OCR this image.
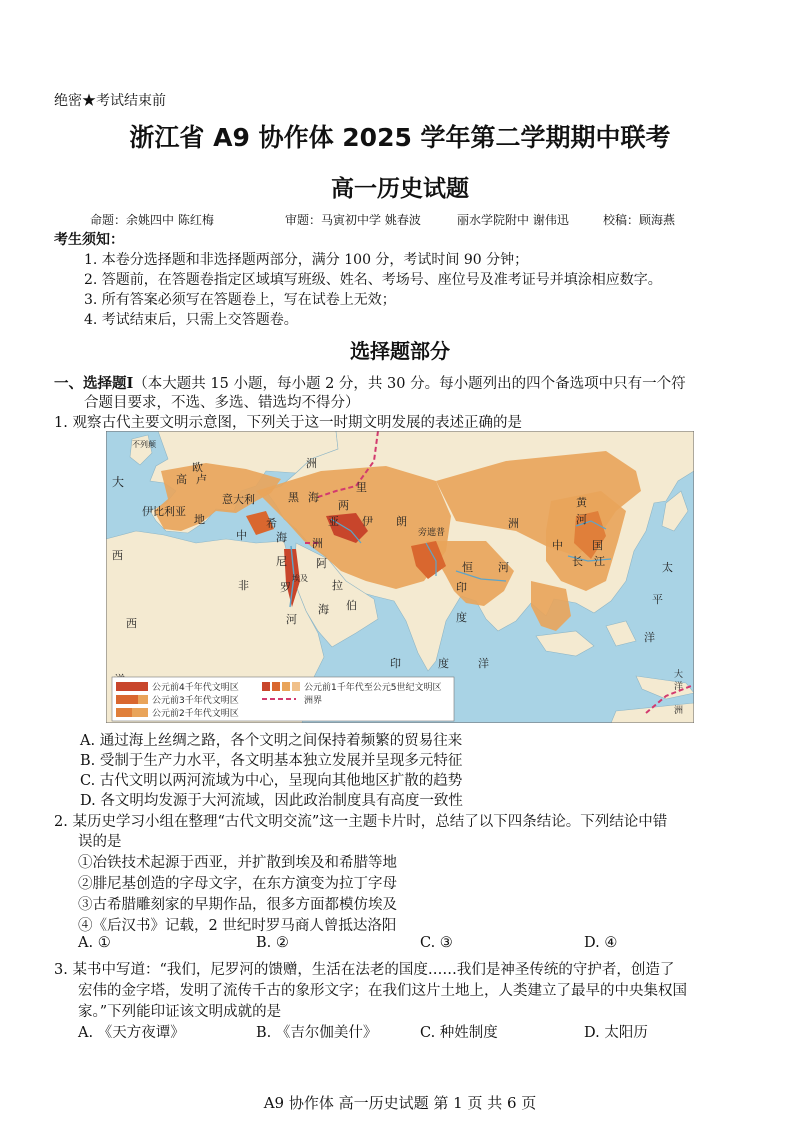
绝密★考试结束前
浙江省 A9 协作体 2025 学年第二学期期中联考
高一历史试题
命题：余姚四中 陈红梅	审题：马寅初中学 姚春波	丽水学院附中 谢伟迅	校稿：顾海燕
考生须知：
1. 本卷分选择题和非选择题两部分，满分 100 分，考试时间 90 分钟；
2. 答题前，在答题卷指定区域填写班级、姓名、考场号、座位号及准考证号并填涂相应数字。
3. 所有答案必须写在答题卷上，写在试卷上无效；
4. 考试结束后，只需上交答题卷。
选择题部分
一、选择题Ⅰ（本大题共 15 小题，每小题 2 分，共 30 分。每小题列出的四个备选项中只有一个符
合题目要求，不选、多选、错选均不得分）
1. 观察古代主要文明示意图，下列关于这一时期文明发展的表述正确的是
不列颠
大
欧
高 卢
意大利
伊比利亚
地
洲
黑 海
里
西
中
亚 伊 朗
旁遮普
洲
黄
河
中	国
长 江
海
希
洲
两
尼
非
阿
拉
伯
罗
河
埃及
海
恒 河
印
度
太
平
洋
西
印	度	洋
大
洋
洲
公元前4千年代文明区
公元前3千年代文明区
公元前2千年代文明区
公元前1千年代至公元5世纪文明区
洲界
A. 通过海上丝绸之路，各个文明之间保持着频繁的贸易往来
B. 受制于生产力水平，各文明基本独立发展并呈现多元特征
C. 古代文明以两河流域为中心，呈现向其他地区扩散的趋势
D. 各文明均发源于大河流域，因此政治制度具有高度一致性
2. 某历史学习小组在整理“古代文明交流”这一主题卡片时，总结了以下四条结论。下列结论中错
误的是
①冶铁技术起源于西亚，并扩散到埃及和希腊等地
②腓尼基创造的字母文字，在东方演变为拉丁字母
③古希腊雕刻家的早期作品，很多方面都模仿埃及
④《后汉书》记载，2 世纪时罗马商人曾抵达洛阳
A. ①	B. ②	C. ③	D. ④
3. 某书中写道：“我们，尼罗河的馈赠，生活在法老的国度……我们是神圣传统的守护者，创造了
宏伟的金字塔，发明了流传千古的象形文字；在我们这片土地上，人类建立了最早的中央集权国
家。”下列能印证该文明成就的是
A. 《天方夜谭》	B. 《吉尔伽美什》	C. 种姓制度	D. 太阳历
A9 协作体 高一历史试题 第 1 页 共 6 页
